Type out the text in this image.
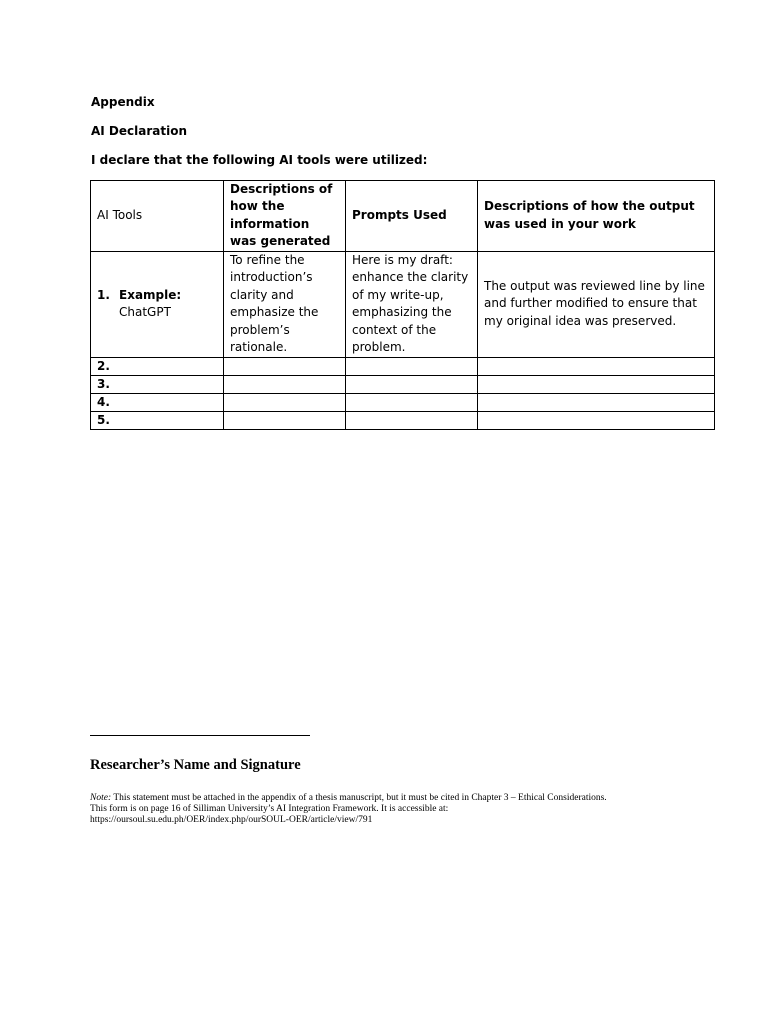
Appendix
AI Declaration
I declare that the following AI tools were utilized:
AI Tools	Descriptions of how the information was generated	Prompts Used	Descriptions of how the output was used in your work
1. Example:
ChatGPT	To refine the introduction’s clarity and emphasize the problem’s rationale.	Here is my draft: enhance the clarity of my write-up, emphasizing the context of the problem.	The output was reviewed line by line and further modified to ensure that my original idea was preserved.
2.			
3.			
4.			
5.			
Researcher’s Name and Signature
Note: This statement must be attached in the appendix of a thesis manuscript, but it must be cited in Chapter 3 – Ethical Considerations.
This form is on page 16 of Silliman University’s AI Integration Framework. It is accessible at:
https://oursoul.su.edu.ph/OER/index.php/ourSOUL-OER/article/view/791
